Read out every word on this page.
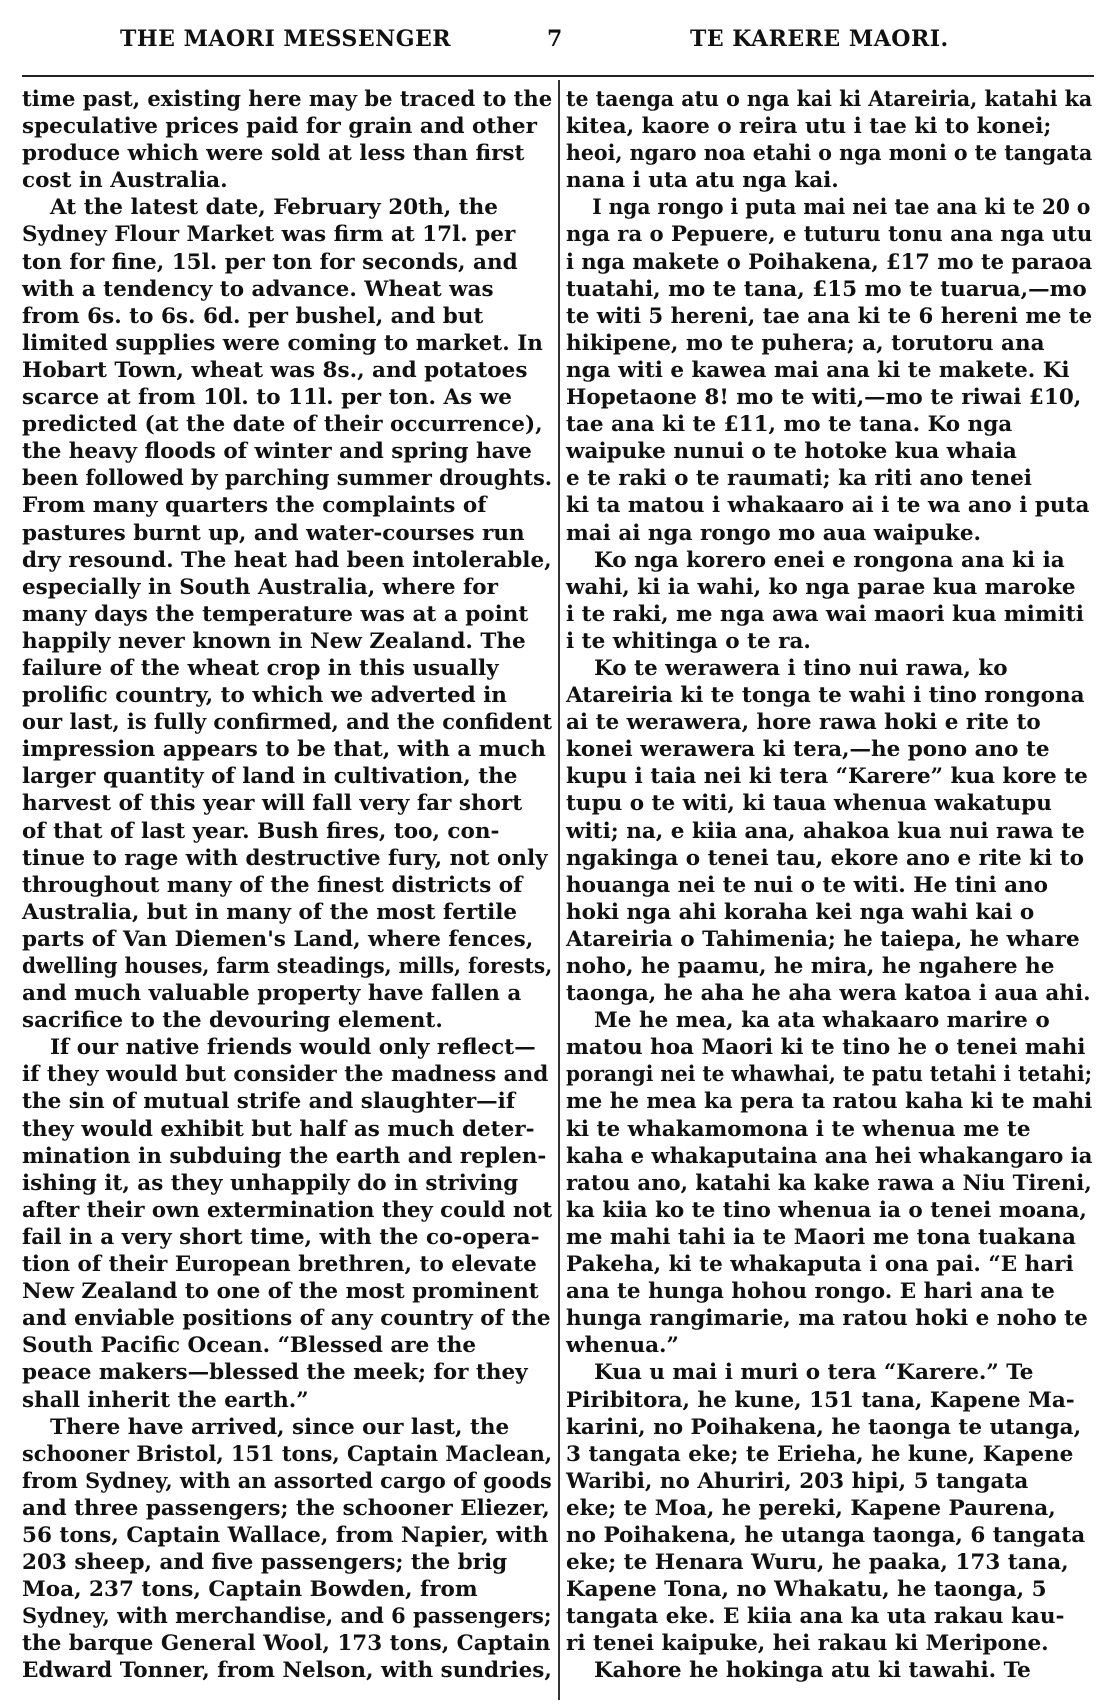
THE MAORI MESSENGER	7	TE KARERE MAORI.
time past, existing here may be traced to the
speculative prices paid for grain and other
produce which were sold at less than first
cost in Australia.
At the latest date, February 20th, the
Sydney Flour Market was firm at 17l. per
ton for fine, 15l. per ton for seconds, and
with a tendency to advance. Wheat was
from 6s. to 6s. 6d. per bushel, and but
limited supplies were coming to market. In
Hobart Town, wheat was 8s., and potatoes
scarce at from 10l. to 11l. per ton. As we
predicted (at the date of their occurrence),
the heavy floods of winter and spring have
been followed by parching summer droughts.
From many quarters the complaints of
pastures burnt up, and water-courses run
dry resound. The heat had been intolerable,
especially in South Australia, where for
many days the temperature was at a point
happily never known in New Zealand. The
failure of the wheat crop in this usually
prolific country, to which we adverted in
our last, is fully confirmed, and the confident
impression appears to be that, with a much
larger quantity of land in cultivation, the
harvest of this year will fall very far short
of that of last year. Bush fires, too, con-
tinue to rage with destructive fury, not only
throughout many of the finest districts of
Australia, but in many of the most fertile
parts of Van Diemen's Land, where fences,
dwelling houses, farm steadings, mills, forests,
and much valuable property have fallen a
sacrifice to the devouring element.
If our native friends would only reflect—
if they would but consider the madness and
the sin of mutual strife and slaughter—if
they would exhibit but half as much deter-
mination in subduing the earth and replen-
ishing it, as they unhappily do in striving
after their own extermination they could not
fail in a very short time, with the co-opera-
tion of their European brethren, to elevate
New Zealand to one of the most prominent
and enviable positions of any country of the
South Pacific Ocean. “Blessed are the
peace makers—blessed the meek; for they
shall inherit the earth.”
There have arrived, since our last, the
schooner Bristol, 151 tons, Captain Maclean,
from Sydney, with an assorted cargo of goods
and three passengers; the schooner Eliezer,
56 tons, Captain Wallace, from Napier, with
203 sheep, and five passengers; the brig
Moa, 237 tons, Captain Bowden, from
Sydney, with merchandise, and 6 passengers;
the barque General Wool, 173 tons, Captain
Edward Tonner, from Nelson, with sundries,
te taenga atu o nga kai ki Atareiria, katahi ka
kitea, kaore o reira utu i tae ki to konei;
heoi, ngaro noa etahi o nga moni o te tangata
nana i uta atu nga kai.
I nga rongo i puta mai nei tae ana ki te 20 o
nga ra o Pepuere, e tuturu tonu ana nga utu
i nga makete o Poihakena, £17 mo te paraoa
tuatahi, mo te tana, £15 mo te tuarua,—mo
te witi 5 hereni, tae ana ki te 6 hereni me te
hikipene, mo te puhera; a, torutoru ana
nga witi e kawea mai ana ki te makete. Ki
Hopetaone 8! mo te witi,—mo te riwai £10,
tae ana ki te £11, mo te tana. Ko nga
waipuke nunui o te hotoke kua whaia
e te raki o te raumati; ka riti ano tenei
ki ta matou i whakaaro ai i te wa ano i puta
mai ai nga rongo mo aua waipuke.
Ko nga korero enei e rongona ana ki ia
wahi, ki ia wahi, ko nga parae kua maroke
i te raki, me nga awa wai maori kua mimiti
i te whitinga o te ra.
Ko te werawera i tino nui rawa, ko
Atareiria ki te tonga te wahi i tino rongona
ai te werawera, hore rawa hoki e rite to
konei werawera ki tera,—he pono ano te
kupu i taia nei ki tera “Karere” kua kore te
tupu o te witi, ki taua whenua wakatupu
witi; na, e kiia ana, ahakoa kua nui rawa te
ngakinga o tenei tau, ekore ano e rite ki to
houanga nei te nui o te witi. He tini ano
hoki nga ahi koraha kei nga wahi kai o
Atareiria o Tahimenia; he taiepa, he whare
noho, he paamu, he mira, he ngahere he
taonga, he aha he aha wera katoa i aua ahi.
Me he mea, ka ata whakaaro marire o
matou hoa Maori ki te tino he o tenei mahi
porangi nei te whawhai, te patu tetahi i tetahi;
me he mea ka pera ta ratou kaha ki te mahi
ki te whakamomona i te whenua me te
kaha e whakaputaina ana hei whakangaro ia
ratou ano, katahi ka kake rawa a Niu Tireni,
ka kiia ko te tino whenua ia o tenei moana,
me mahi tahi ia te Maori me tona tuakana
Pakeha, ki te whakaputa i ona pai. “E hari
ana te hunga hohou rongo. E hari ana te
hunga rangimarie, ma ratou hoki e noho te
whenua.”
Kua u mai i muri o tera “Karere.” Te
Piribitora, he kune, 151 tana, Kapene Ma-
karini, no Poihakena, he taonga te utanga,
3 tangata eke; te Erieha, he kune, Kapene
Waribi, no Ahuriri, 203 hipi, 5 tangata
eke; te Moa, he pereki, Kapene Paurena,
no Poihakena, he utanga taonga, 6 tangata
eke; te Henara Wuru, he paaka, 173 tana,
Kapene Tona, no Whakatu, he taonga, 5
tangata eke. E kiia ana ka uta rakau kau-
ri tenei kaipuke, hei rakau ki Meripone.
Kahore he hokinga atu ki tawahi. Te
